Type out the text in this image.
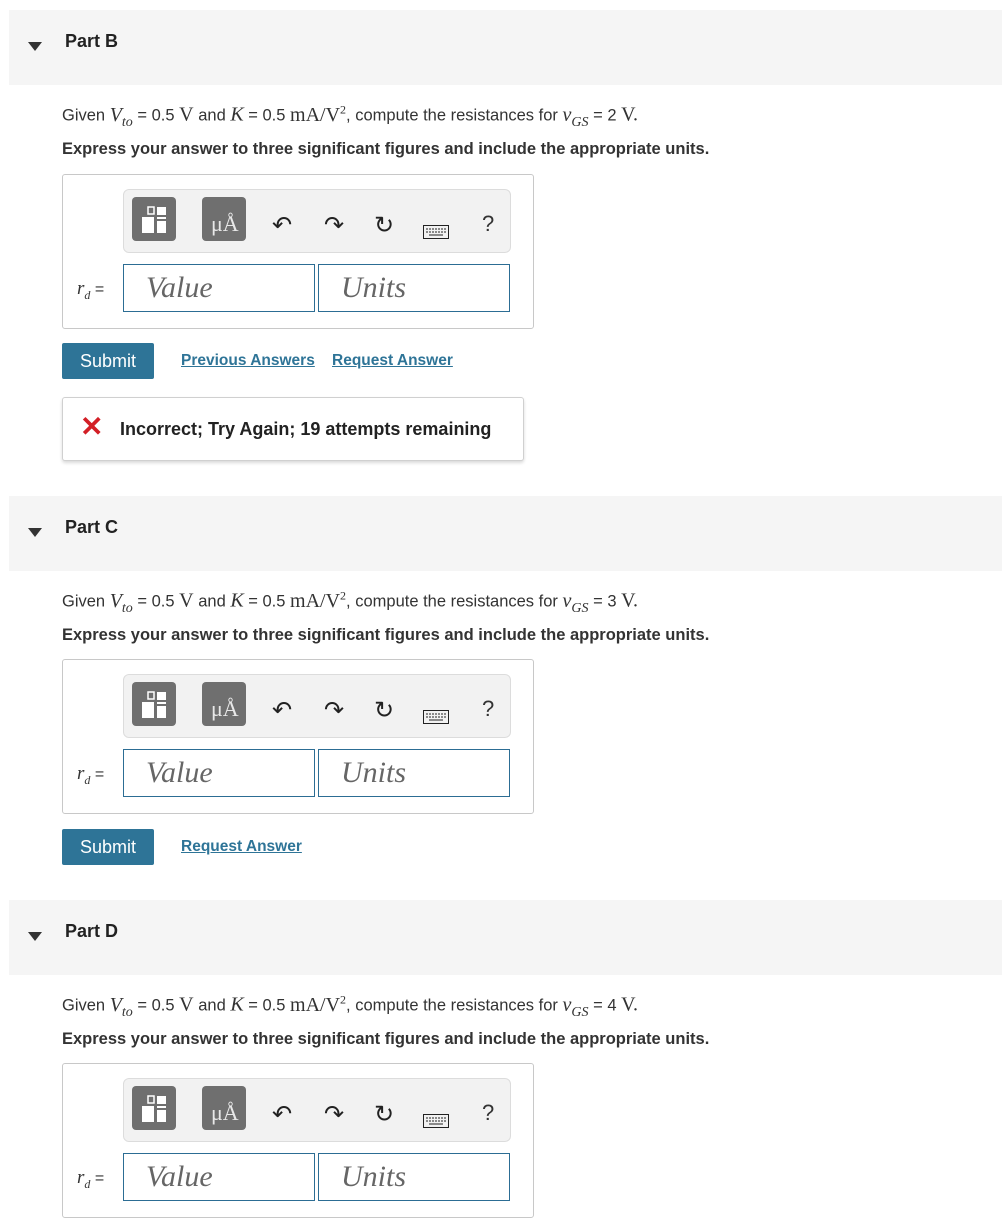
Part B
Given $V_{to} = 0.5$ V and K = 0.5 $mA/V^2$, compute the resistances for $v_{GS} = 2$ V.
Express your answer to three significant figures and include the appropriate units.
μÅ ↶ ↷ ↻	?
$r_d$ =	Value	Units
Submit	Previous Answers Request Answer
✕ Incorrect; Try Again; 19 attempts remaining
Part C
Given $V_{to} = 0.5$ V and K = 0.5 $mA/V^2$, compute the resistances for $v_{GS} = 3$ V.
Express your answer to three significant figures and include the appropriate units.
μÅ ↶ ↷ ↻	?
$r_d$ =	Value	Units
Submit	Request Answer
Part D
Given $V_{to} = 0.5$ V and K = 0.5 $mA/V^2$, compute the resistances for $v_{GS} = 4$ V.
Express your answer to three significant figures and include the appropriate units.
μÅ ↶ ↷ ↻	?
$r_d$ =	Value	Units
